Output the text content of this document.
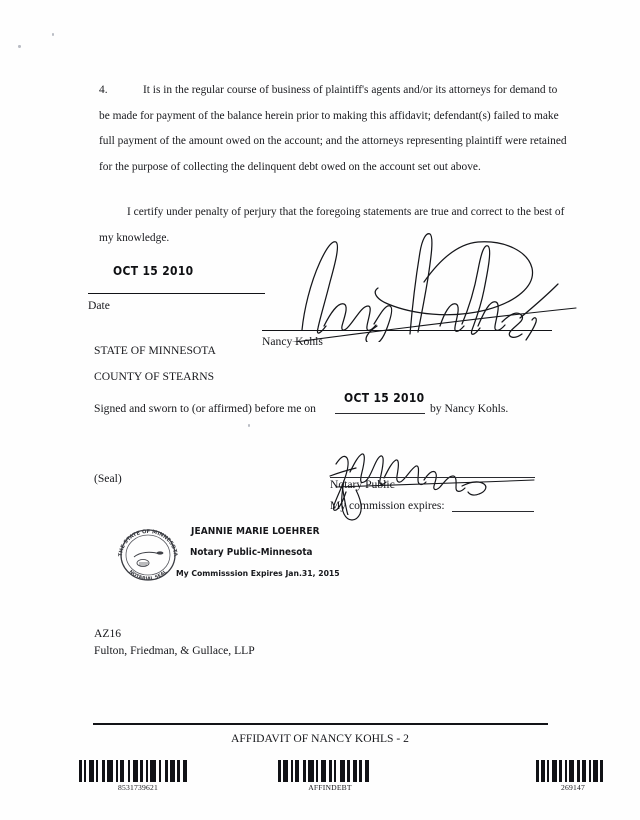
4.	It is in the regular course of business of plaintiff's agents and/or its attorneys for demand to be made for payment of the balance herein prior to making this affidavit; defendant(s) failed to make full payment of the amount owed on the account; and the attorneys representing plaintiff were retained for the purpose of collecting the delinquent debt owed on the account set out above.
I certify under penalty of perjury that the foregoing statements are true and correct to the best of my knowledge.
OCT 15 2010
Date
Nancy Kohls
STATE OF MINNESOTA
COUNTY OF STEARNS
Signed and sworn to (or affirmed) before me on
OCT 15 2010
by Nancy Kohls.
(Seal)	Notary Public
My commission expires:
THE STATE OF MINNESOTA
NOTARIAL SEAL
JEANNIE MARIE LOEHRER
Notary Public-Minnesota
My Commisssion Expires Jan.31, 2015
AZ16
Fulton, Friedman, & Gullace, LLP
AFFIDAVIT OF NANCY KOHLS - 2
8531739621	AFFINDEBT	269147
